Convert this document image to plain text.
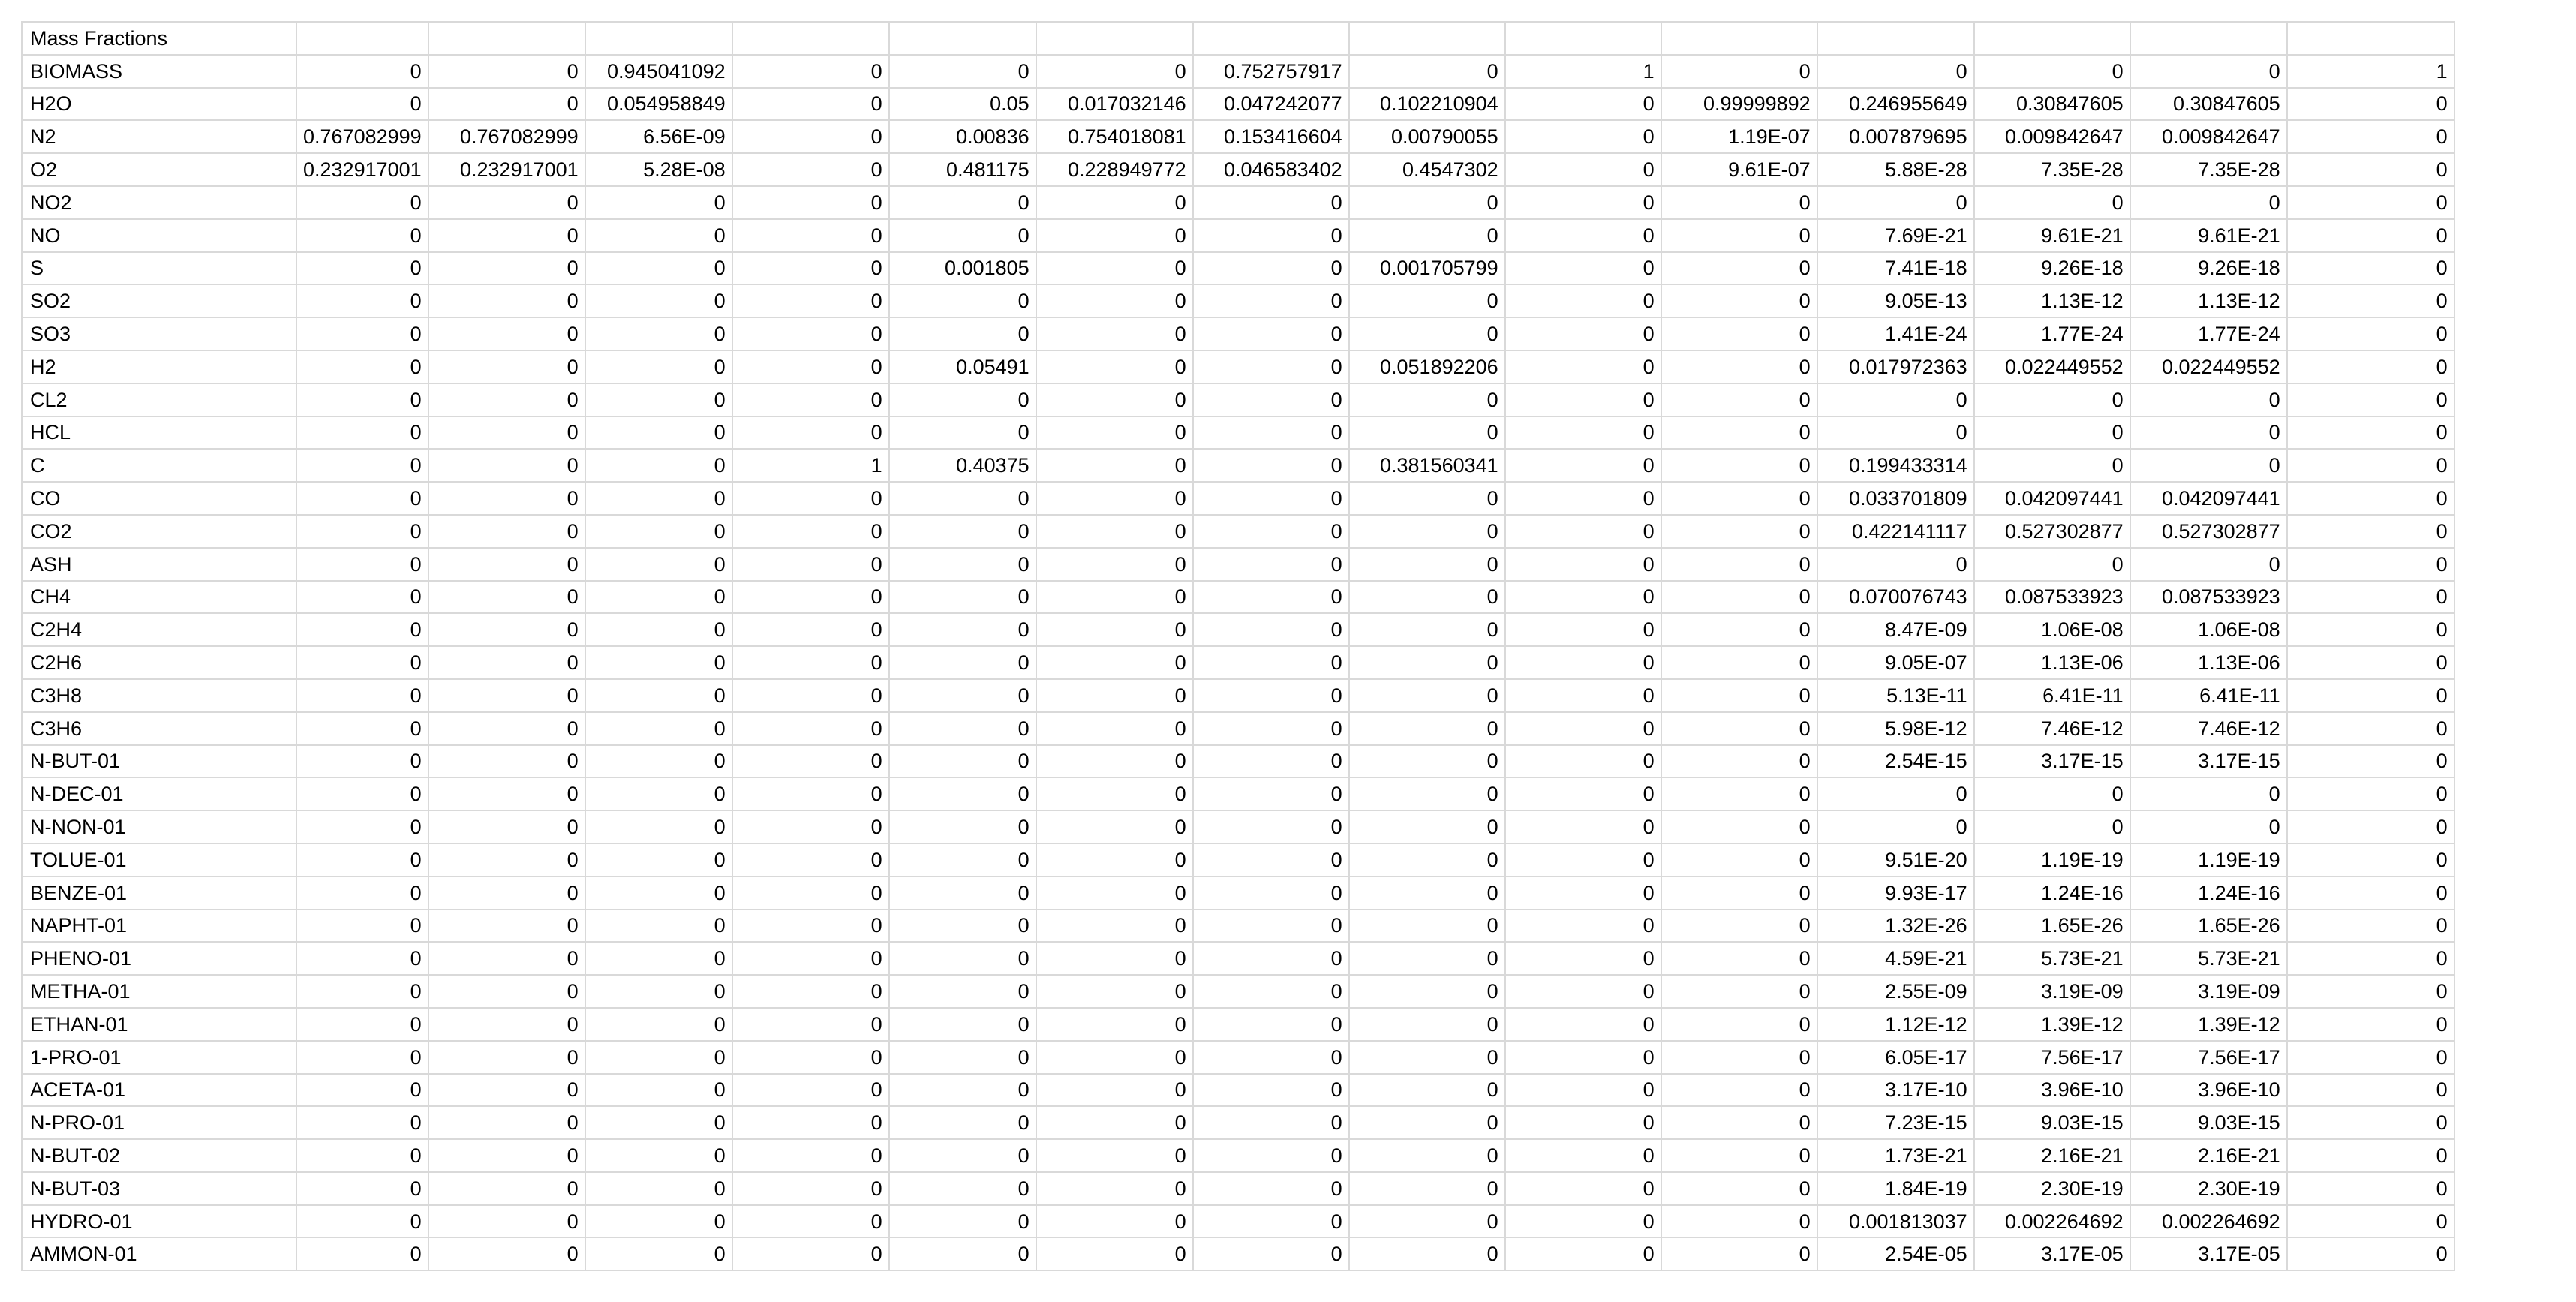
Mass Fractions														
BIOMASS	0	0	0.945041092	0	0	0	0.752757917	0	1	0	0	0	0	1
H2O	0	0	0.054958849	0	0.05	0.017032146	0.047242077	0.102210904	0	0.99999892	0.246955649	0.30847605	0.30847605	0
N2	0.767082999	0.767082999	6.56E-09	0	0.00836	0.754018081	0.153416604	0.00790055	0	1.19E-07	0.007879695	0.009842647	0.009842647	0
O2	0.232917001	0.232917001	5.28E-08	0	0.481175	0.228949772	0.046583402	0.4547302	0	9.61E-07	5.88E-28	7.35E-28	7.35E-28	0
NO2	0	0	0	0	0	0	0	0	0	0	0	0	0	0
NO	0	0	0	0	0	0	0	0	0	0	7.69E-21	9.61E-21	9.61E-21	0
S	0	0	0	0	0.001805	0	0	0.001705799	0	0	7.41E-18	9.26E-18	9.26E-18	0
SO2	0	0	0	0	0	0	0	0	0	0	9.05E-13	1.13E-12	1.13E-12	0
SO3	0	0	0	0	0	0	0	0	0	0	1.41E-24	1.77E-24	1.77E-24	0
H2	0	0	0	0	0.05491	0	0	0.051892206	0	0	0.017972363	0.022449552	0.022449552	0
CL2	0	0	0	0	0	0	0	0	0	0	0	0	0	0
HCL	0	0	0	0	0	0	0	0	0	0	0	0	0	0
C	0	0	0	1	0.40375	0	0	0.381560341	0	0	0.199433314	0	0	0
CO	0	0	0	0	0	0	0	0	0	0	0.033701809	0.042097441	0.042097441	0
CO2	0	0	0	0	0	0	0	0	0	0	0.422141117	0.527302877	0.527302877	0
ASH	0	0	0	0	0	0	0	0	0	0	0	0	0	0
CH4	0	0	0	0	0	0	0	0	0	0	0.070076743	0.087533923	0.087533923	0
C2H4	0	0	0	0	0	0	0	0	0	0	8.47E-09	1.06E-08	1.06E-08	0
C2H6	0	0	0	0	0	0	0	0	0	0	9.05E-07	1.13E-06	1.13E-06	0
C3H8	0	0	0	0	0	0	0	0	0	0	5.13E-11	6.41E-11	6.41E-11	0
C3H6	0	0	0	0	0	0	0	0	0	0	5.98E-12	7.46E-12	7.46E-12	0
N-BUT-01	0	0	0	0	0	0	0	0	0	0	2.54E-15	3.17E-15	3.17E-15	0
N-DEC-01	0	0	0	0	0	0	0	0	0	0	0	0	0	0
N-NON-01	0	0	0	0	0	0	0	0	0	0	0	0	0	0
TOLUE-01	0	0	0	0	0	0	0	0	0	0	9.51E-20	1.19E-19	1.19E-19	0
BENZE-01	0	0	0	0	0	0	0	0	0	0	9.93E-17	1.24E-16	1.24E-16	0
NAPHT-01	0	0	0	0	0	0	0	0	0	0	1.32E-26	1.65E-26	1.65E-26	0
PHENO-01	0	0	0	0	0	0	0	0	0	0	4.59E-21	5.73E-21	5.73E-21	0
METHA-01	0	0	0	0	0	0	0	0	0	0	2.55E-09	3.19E-09	3.19E-09	0
ETHAN-01	0	0	0	0	0	0	0	0	0	0	1.12E-12	1.39E-12	1.39E-12	0
1-PRO-01	0	0	0	0	0	0	0	0	0	0	6.05E-17	7.56E-17	7.56E-17	0
ACETA-01	0	0	0	0	0	0	0	0	0	0	3.17E-10	3.96E-10	3.96E-10	0
N-PRO-01	0	0	0	0	0	0	0	0	0	0	7.23E-15	9.03E-15	9.03E-15	0
N-BUT-02	0	0	0	0	0	0	0	0	0	0	1.73E-21	2.16E-21	2.16E-21	0
N-BUT-03	0	0	0	0	0	0	0	0	0	0	1.84E-19	2.30E-19	2.30E-19	0
HYDRO-01	0	0	0	0	0	0	0	0	0	0	0.001813037	0.002264692	0.002264692	0
AMMON-01	0	0	0	0	0	0	0	0	0	0	2.54E-05	3.17E-05	3.17E-05	0
